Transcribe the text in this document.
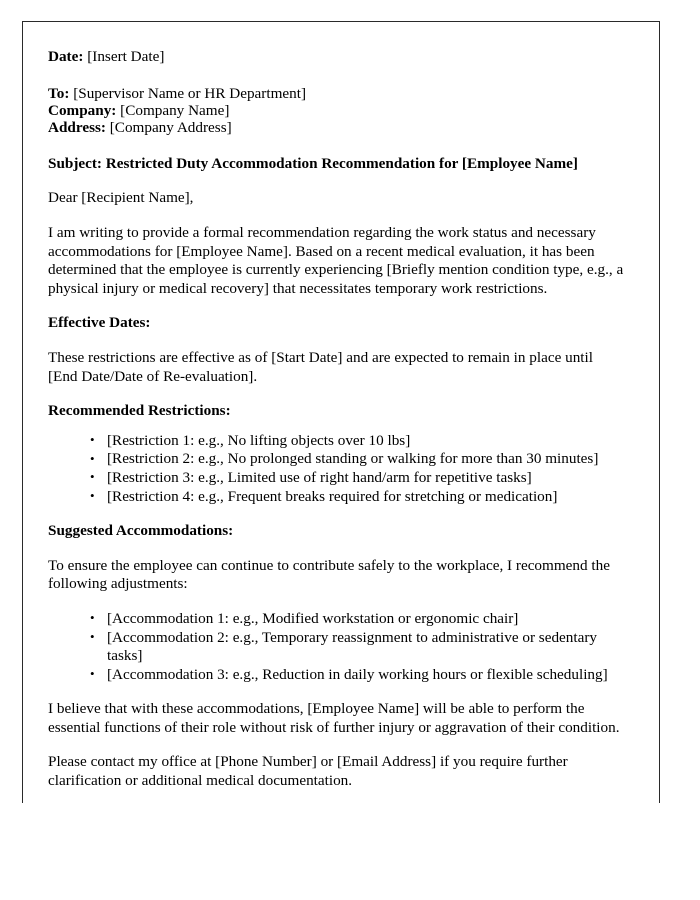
Date: [Insert Date]
To: [Supervisor Name or HR Department]
Company: [Company Name]
Address: [Company Address]
Subject: Restricted Duty Accommodation Recommendation for [Employee Name]
Dear [Recipient Name],
I am writing to provide a formal recommendation regarding the work status and necessary accommodations for [Employee Name]. Based on a recent medical evaluation, it has been determined that the employee is currently experiencing [Briefly mention condition type, e.g., a physical injury or medical recovery] that necessitates temporary work restrictions.
Effective Dates:
These restrictions are effective as of [Start Date] and are expected to remain in place until [End Date/Date of Re-evaluation].
Recommended Restrictions:
• [Restriction 1: e.g., No lifting objects over 10 lbs]
• [Restriction 2: e.g., No prolonged standing or walking for more than 30 minutes]
• [Restriction 3: e.g., Limited use of right hand/arm for repetitive tasks]
• [Restriction 4: e.g., Frequent breaks required for stretching or medication]
Suggested Accommodations:
To ensure the employee can continue to contribute safely to the workplace, I recommend the following adjustments:
• [Accommodation 1: e.g., Modified workstation or ergonomic chair]
• [Accommodation 2: e.g., Temporary reassignment to administrative or sedentary tasks]
• [Accommodation 3: e.g., Reduction in daily working hours or flexible scheduling]
I believe that with these accommodations, [Employee Name] will be able to perform the essential functions of their role without risk of further injury or aggravation of their condition.
Please contact my office at [Phone Number] or [Email Address] if you require further clarification or additional medical documentation.
